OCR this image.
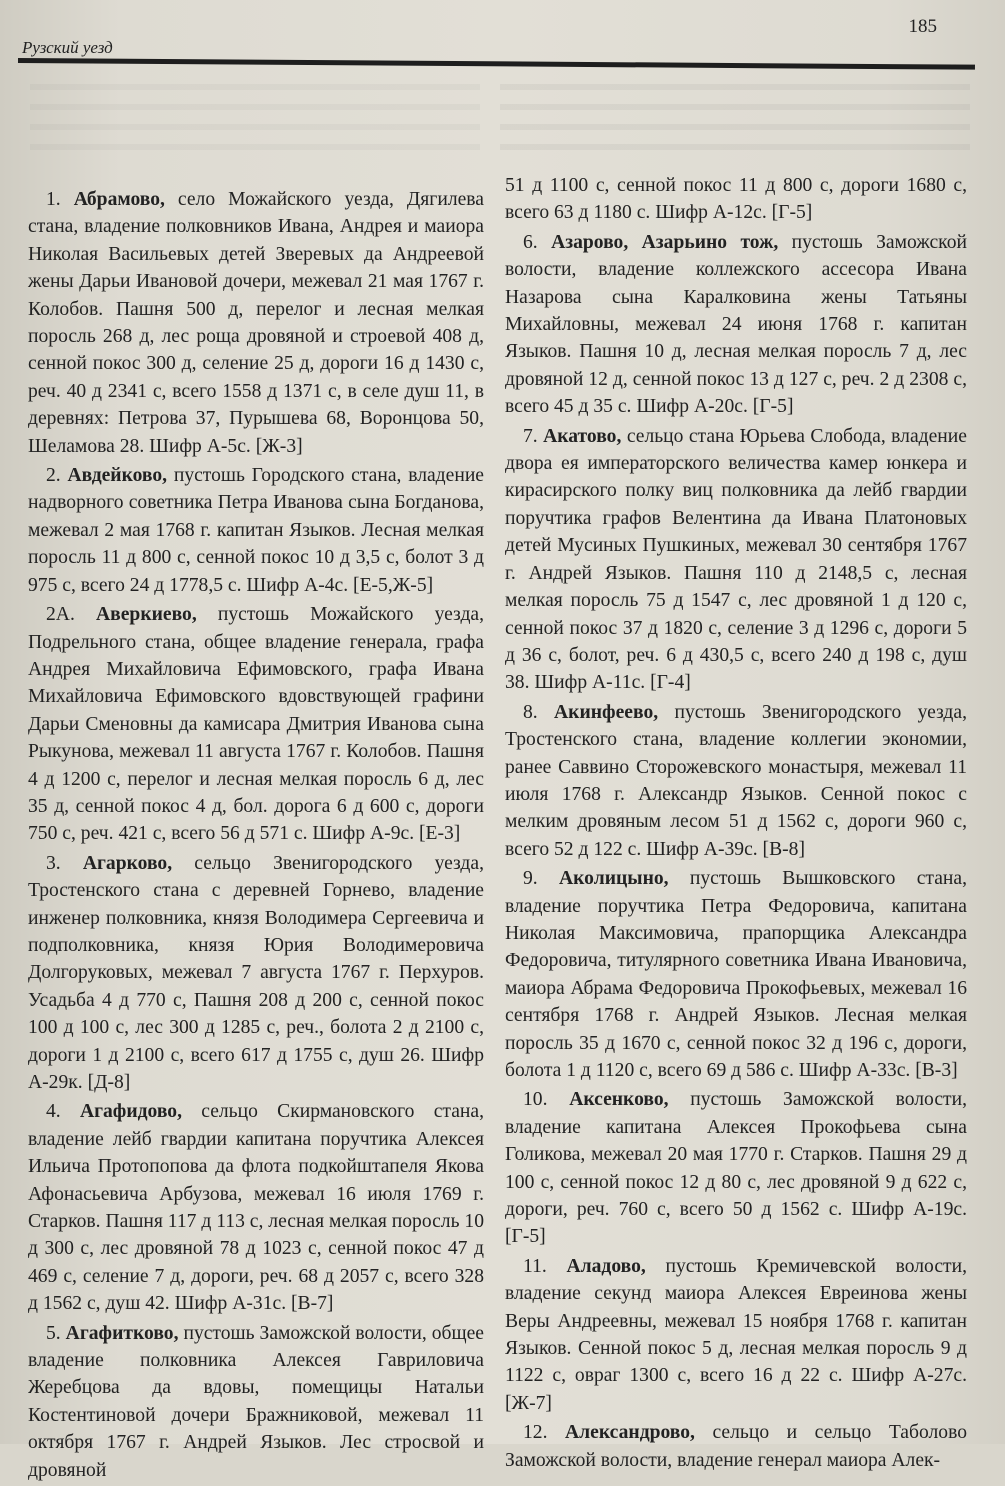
Рузский уезд
185

1. Абрамово, село Можайского уезда, Дягилева стана, владение полковников Ивана, Андрея и маиора Николая Васильевых детей Зверевых да Андреевой жены Дарьи Ивановой дочери, межевал 21 мая 1767 г. Колобов. Пашня 500 д, перелог и лесная мелкая поросль 268 д, лес роща дровяной и строевой 408 д, сенной покос 300 д, селение 25 д, дороги 16 д 1430 с, реч. 40 д 2341 с, всего 1558 д 1371 с, в селе душ 11, в деревнях: Петрова 37, Пурышева 68, Воронцова 50, Шеламова 28. Шифр А-5с. [Ж-3]

2. Авдейково, пустошь Городского стана, владение надворного советника Петра Иванова сына Богданова, межевал 2 мая 1768 г. капитан Языков. Лесная мелкая поросль 11 д 800 с, сенной покос 10 д 3,5 с, болот 3 д 975 с, всего 24 д 1778,5 с. Шифр А-4с. [Е-5,Ж-5]

2А. Аверкиево, пустошь Можайского уезда, Подрельного стана, общее владение генерала, графа Андрея Михайловича Ефимовского, графа Ивана Михайловича Ефимовского вдовствующей графини Дарьи Сменовны да камисара Дмитрия Иванова сына Рыкунова, межевал 11 августа 1767 г. Колобов. Пашня 4 д 1200 с, перелог и лесная мелкая поросль 6 д, лес 35 д, сенной покос 4 д, бол. дорога 6 д 600 с, дороги 750 с, реч. 421 с, всего 56 д 571 с. Шифр А-9с. [Е-3]

3. Агарково, сельцо Звенигородского уезда, Тростенского стана с деревней Горнево, владение инженер полковника, князя Володимера Сергеевича и подполковника, князя Юрия Володимеровича Долгоруковых, межевал 7 августа 1767 г. Перхуров. Усадьба 4 д 770 с, Пашня 208 д 200 с, сенной покос 100 д 100 с, лес 300 д 1285 с, реч., болота 2 д 2100 с, дороги 1 д 2100 с, всего 617 д 1755 с, душ 26. Шифр А-29к. [Д-8]

4. Агафидово, сельцо Скирмановского стана, владение лейб гвардии капитана поручтика Алексея Ильича Протопопова да флота подкойштапеля Якова Афонасьевича Арбузова, межевал 16 июля 1769 г. Старков. Пашня 117 д 113 с, лесная мелкая поросль 10 д 300 с, лес дровяной 78 д 1023 с, сенной покос 47 д 469 с, селение 7 д, дороги, реч. 68 д 2057 с, всего 328 д 1562 с, душ 42. Шифр А-31с. [В-7]

5. Агафитково, пустошь Заможской волости, общее владение полковника Алексея Гавриловича Жеребцова да вдовы, помещицы Натальи Костентиновой дочери Бражниковой, межевал 11 октября 1767 г. Андрей Языков. Лес стросвой и дровяной

51 д 1100 с, сенной покос 11 д 800 с, дороги 1680 с, всего 63 д 1180 с. Шифр А-12с. [Г-5]

6. Азарово, Азарьино тож, пустошь Заможской волости, владение коллежского ассесора Ивана Назарова сына Каралковина жены Татьяны Михайловны, межевал 24 июня 1768 г. капитан Языков. Пашня 10 д, лесная мелкая поросль 7 д, лес дровяной 12 д, сенной покос 13 д 127 с, реч. 2 д 2308 с, всего 45 д 35 с. Шифр А-20с. [Г-5]

7. Акатово, сельцо стана Юрьева Слобода, владение двора ея императорского величества камер юнкера и кирасирского полку виц полковника да лейб гвардии поручтика графов Велентина да Ивана Платоновых детей Мусиных Пушкиных, межевал 30 сентября 1767 г. Андрей Языков. Пашня 110 д 2148,5 с, лесная мелкая поросль 75 д 1547 с, лес дровяной 1 д 120 с, сенной покос 37 д 1820 с, селение 3 д 1296 с, дороги 5 д 36 с, болот, реч. 6 д 430,5 с, всего 240 д 198 с, душ 38. Шифр А-11с. [Г-4]

8. Акинфеево, пустошь Звенигородского уезда, Тростенского стана, владение коллегии экономии, ранее Саввино Сторожевского монастыря, межевал 11 июля 1768 г. Александр Языков. Сенной покос с мелким дровяным лесом 51 д 1562 с, дороги 960 с, всего 52 д 122 с. Шифр А-39с. [В-8]

9. Аколицыно, пустошь Вышковского стана, владение поручтика Петра Федоровича, капитана Николая Максимовича, прапорщика Александра Федоровича, титулярного советника Ивана Ивановича, маиора Абрама Федоровича Прокофьевых, межевал 16 сентября 1768 г. Андрей Языков. Лесная мелкая поросль 35 д 1670 с, сенной покос 32 д 196 с, дороги, болота 1 д 1120 с, всего 69 д 586 с. Шифр А-33с. [В-3]

10. Аксенково, пустошь Заможской волости, владение капитана Алексея Прокофьева сына Голикова, межевал 20 мая 1770 г. Старков. Пашня 29 д 100 с, сенной покос 12 д 80 с, лес дровяной 9 д 622 с, дороги, реч. 760 с, всего 50 д 1562 с. Шифр А-19с. [Г-5]

11. Аладово, пустошь Кремичевской волости, владение секунд маиора Алексея Евреинова жены Веры Андреевны, межевал 15 ноября 1768 г. капитан Языков. Сенной покос 5 д, лесная мелкая поросль 9 д 1122 с, овраг 1300 с, всего 16 д 22 с. Шифр А-27с. [Ж-7]

12. Александрово, сельцо и сельцо Таболово Заможской волости, владение генерал маиора Алек-
